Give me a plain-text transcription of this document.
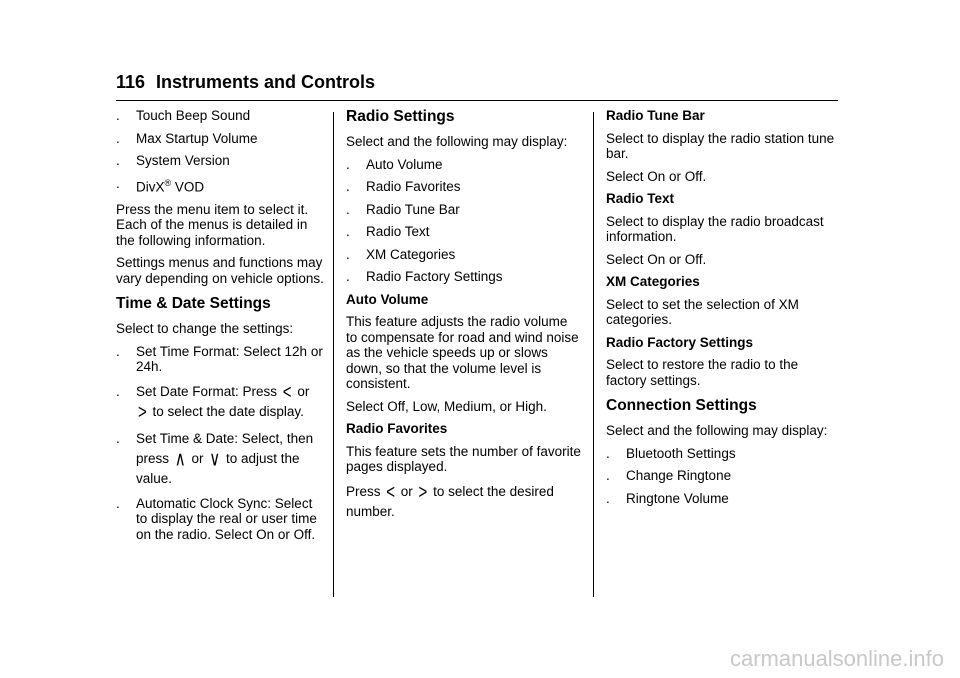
116 Instruments and Controls
. Touch Beep Sound
. Max Startup Volume
. System Version
. DivX® VOD

Press the menu item to select it. Each of the menus is detailed in the following information.

Settings menus and functions may vary depending on vehicle options.

Time & Date Settings

Select to change the settings:

. Set Time Format: Select 12h or 24h.
. Set Date Format: Press < or > to select the date display.
. Set Time & Date: Select, then press ∧ or ∨ to adjust the value.
. Automatic Clock Sync: Select to display the real or user time on the radio. Select On or Off.
Radio Settings

Select and the following may display:

. Auto Volume
. Radio Favorites
. Radio Tune Bar
. Radio Text
. XM Categories
. Radio Factory Settings
Auto Volume

This feature adjusts the radio volume to compensate for road and wind noise as the vehicle speeds up or slows down, so that the volume level is consistent.

Select Off, Low, Medium, or High.

Radio Favorites

This feature sets the number of favorite pages displayed.

Press < or > to select the desired number.

Radio Tune Bar

Select to display the radio station tune bar.

Select On or Off.

Radio Text

Select to display the radio broadcast information.

Select On or Off.

XM Categories

Select to set the selection of XM categories.

Radio Factory Settings

Select to restore the radio to the factory settings.

Connection Settings

Select and the following may display:

. Bluetooth Settings
. Change Ringtone
. Ringtone Volume
carmanualsonline.info
